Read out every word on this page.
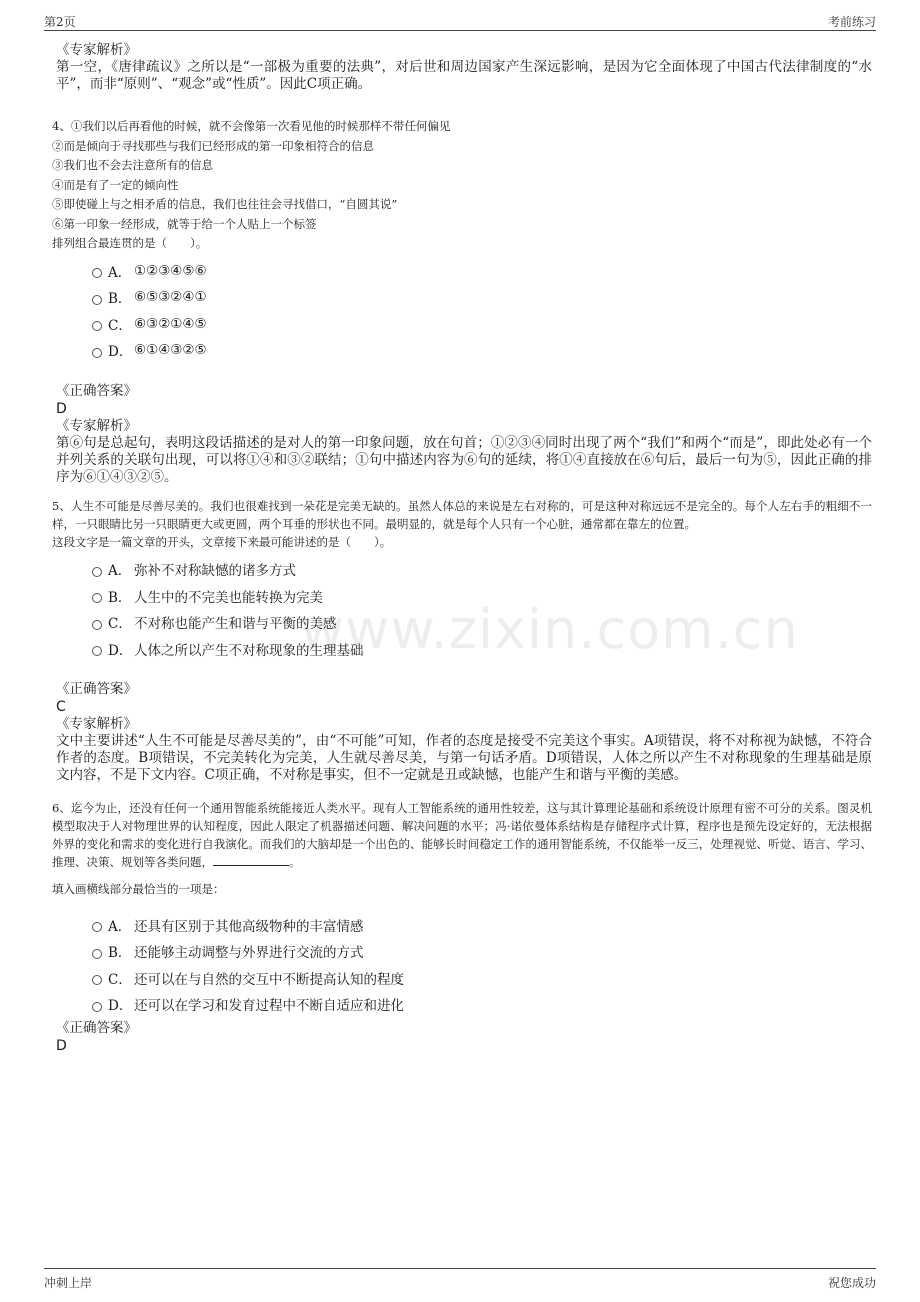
第2页	考前练习
www.zixin.com.cn
《专家解析》
第一空，《唐律疏议》之所以是“一部极为重要的法典”，对后世和周边国家产生深远影响，是因为它全面体现了中国古代法律制度的“水平”，而非“原则”、“观念”或“性质”。因此C项正确。
4、①我们以后再看他的时候，就不会像第一次看见他的时候那样不带任何偏见
②而是倾向于寻找那些与我们已经形成的第一印象相符合的信息
③我们也不会去注意所有的信息
④而是有了一定的倾向性
⑤即使碰上与之相矛盾的信息，我们也往往会寻找借口，“自圆其说”
⑥第一印象一经形成，就等于给一个人贴上一个标签
排列组合最连贯的是（　　）。
A． ①②③④⑤⑥
B． ⑥⑤③②④①
C． ⑥③②①④⑤
D． ⑥①④③②⑤
《正确答案》
D
《专家解析》
第⑥句是总起句，表明这段话描述的是对人的第一印象问题，放在句首；①②③④同时出现了两个“我们”和两个“而是”，即此处必有一个并列关系的关联句出现，可以将①④和③②联结；①句中描述内容为⑥句的延续，将①④直接放在⑥句后，最后一句为⑤，因此正确的排序为⑥①④③②⑤。
5、人生不可能是尽善尽美的。我们也很难找到一朵花是完美无缺的。虽然人体总的来说是左右对称的，可是这种对称远远不是完全的。每个人左右手的粗细不一样，一只眼睛比另一只眼睛更大或更圆，两个耳垂的形状也不同。最明显的，就是每个人只有一个心脏，通常都在靠左的位置。
这段文字是一篇文章的开头，文章接下来最可能讲述的是（　　）。
A． 弥补不对称缺憾的诸多方式
B． 人生中的不完美也能转换为完美
C． 不对称也能产生和谐与平衡的美感
D． 人体之所以产生不对称现象的生理基础
《正确答案》
C
《专家解析》
文中主要讲述“人生不可能是尽善尽美的”，由“不可能”可知，作者的态度是接受不完美这个事实。A项错误，将不对称视为缺憾，不符合作者的态度。B项错误，不完美转化为完美，人生就尽善尽美，与第一句话矛盾。D项错误，人体之所以产生不对称现象的生理基础是原文内容，不是下文内容。C项正确，不对称是事实，但不一定就是丑或缺憾，也能产生和谐与平衡的美感。
6、迄今为止，还没有任何一个通用智能系统能接近人类水平。现有人工智能系统的通用性较差，这与其计算理论基础和系统设计原理有密不可分的关系。图灵机模型取决于人对物理世界的认知程度，因此人限定了机器描述问题、解决问题的水平；冯·诺依曼体系结构是存储程序式计算，程序也是预先设定好的，无法根据外界的变化和需求的变化进行自我演化。而我们的大脑却是一个出色的、能够长时间稳定工作的通用智能系统，不仅能举一反三，处理视觉、听觉、语言、学习、推理、决策、规划等各类问题，	。
填入画横线部分最恰当的一项是：
A． 还具有区别于其他高级物种的丰富情感
B． 还能够主动调整与外界进行交流的方式
C． 还可以在与自然的交互中不断提高认知的程度
D． 还可以在学习和发育过程中不断自适应和进化
《正确答案》
D
冲刺上岸	祝您成功
